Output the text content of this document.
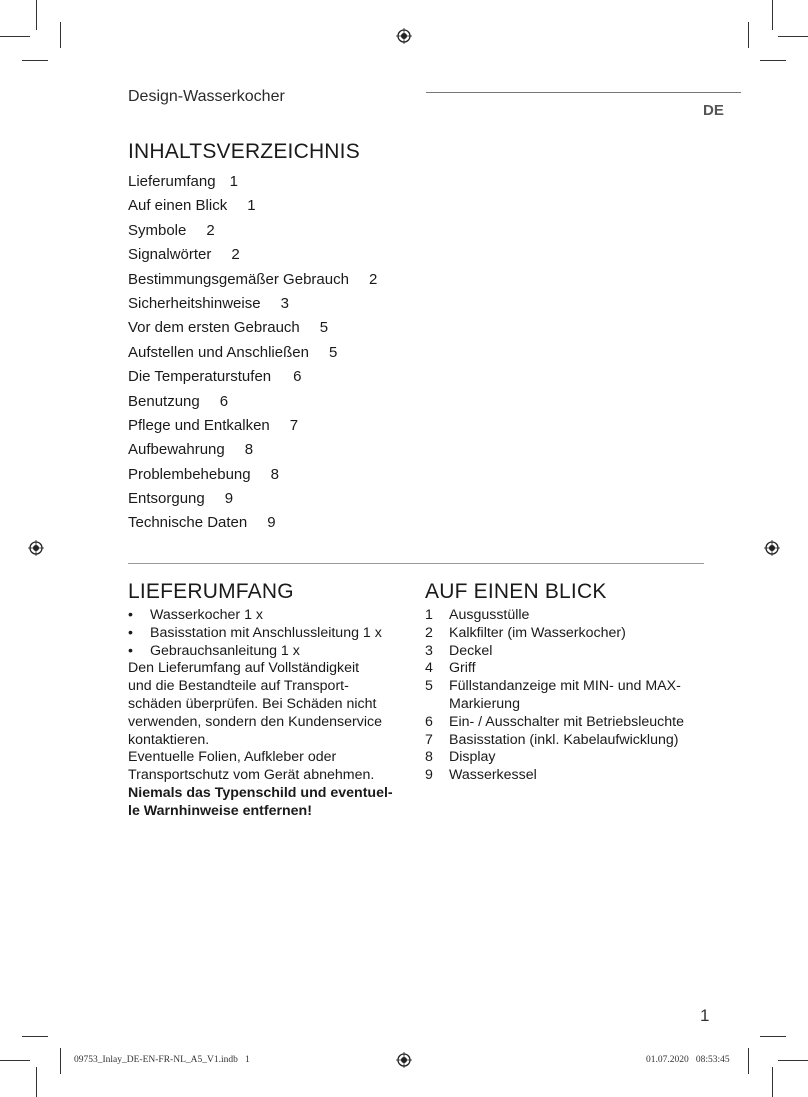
Design-Wasserkocher
DE
INHALTSVERZEICHNIS
Lieferumfang 1
Auf einen Blick 1
Symbole 2
Signalwörter 2
Bestimmungsgemäßer Gebrauch 2
Sicherheitshinweise 3
Vor dem ersten Gebrauch 5
Aufstellen und Anschließen 5
Die Temperaturstufen 6
Benutzung 6
Pflege und Entkalken 7
Aufbewahrung 8
Problembehebung 8
Entsorgung 9
Technische Daten 9
LIEFERUMFANG
•	Wasserkocher 1 x
•	Basisstation mit Anschlussleitung 1 x
•	Gebrauchsanleitung 1 x
Den Lieferumfang auf Vollständigkeit
und die Bestandteile auf Transport-
schäden überprüfen. Bei Schäden nicht
verwenden, sondern den Kundenservice
kontaktieren.
Eventuelle Folien, Aufkleber oder
Transportschutz vom Gerät abnehmen.
Niemals das Typenschild und eventuel-
le Warnhinweise entfernen!
AUF EINEN BLICK
1	Ausgusstülle
2	Kalkfilter (im Wasserkocher)
3	Deckel
4	Griff
5	Füllstandanzeige mit MIN- und MAX-
Markierung
6	Ein- / Ausschalter mit Betriebsleuchte
7	Basisstation (inkl. Kabelaufwicklung)
8	Display
9	Wasserkessel
1
09753_Inlay_DE-EN-FR-NL_A5_V1.indb   1	01.07.2020   08:53:45
